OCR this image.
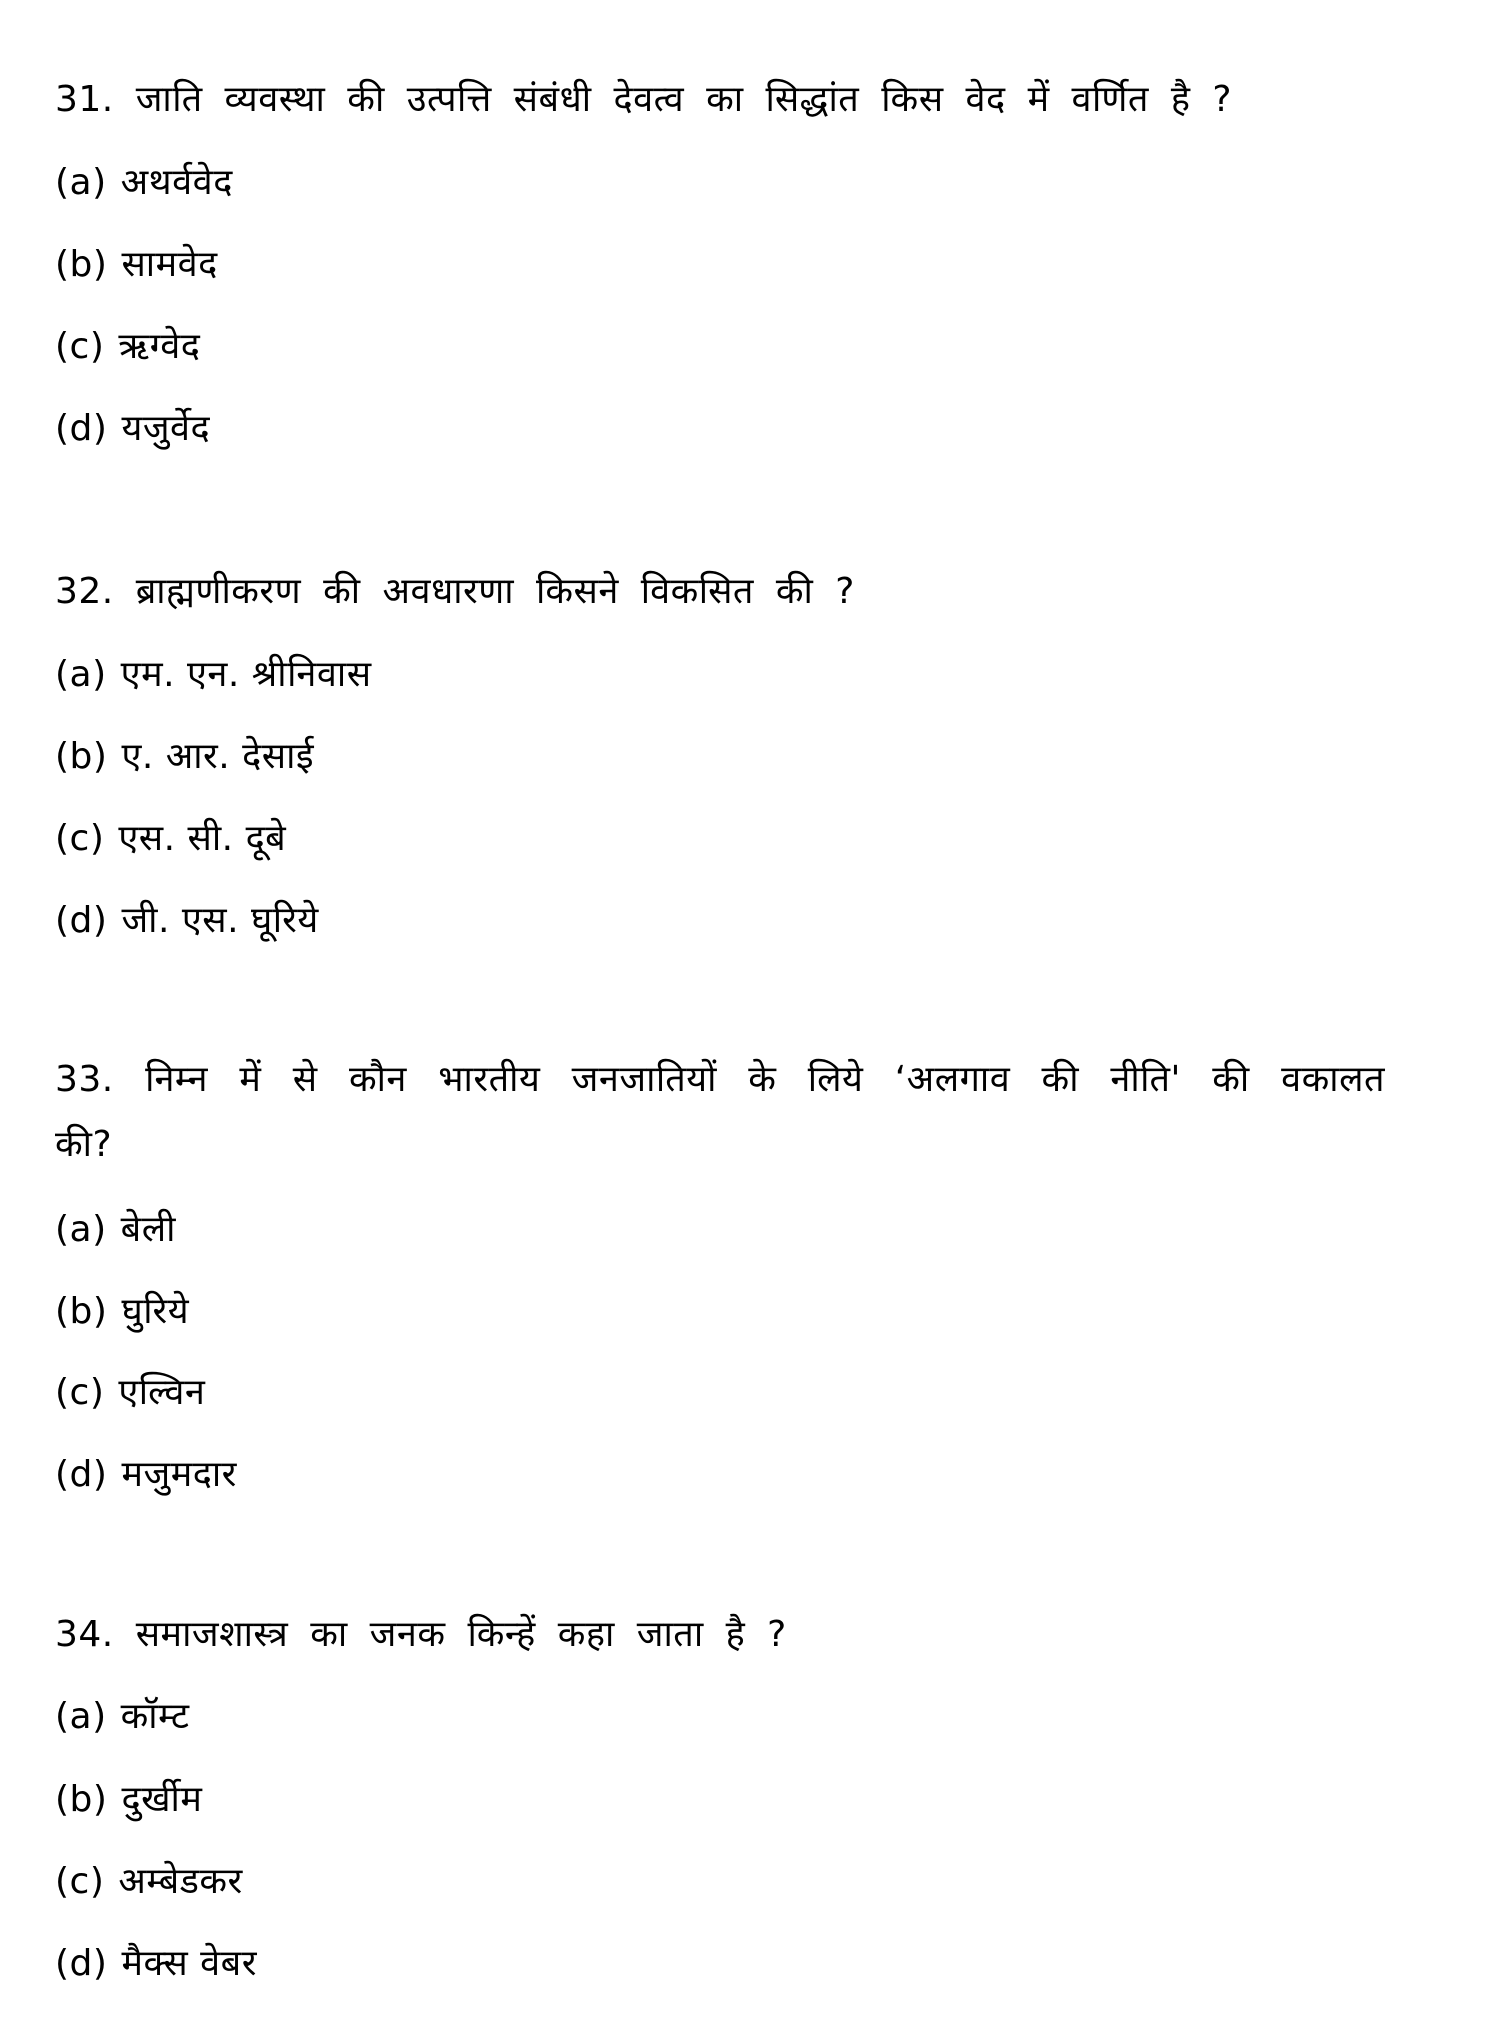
31. जाति व्यवस्था की उत्पत्ति संबंधी देवत्व का सिद्धांत किस वेद में वर्णित है ?
(a) अथर्ववेद
(b) सामवेद
(c) ऋग्वेद
(d) यजुर्वेद
32. ब्राह्मणीकरण की अवधारणा किसने विकसित की ?
(a) एम. एन. श्रीनिवास
(b) ए. आर. देसाई
(c) एस. सी. दूबे
(d) जी. एस. घूरिये
33. निम्न में से कौन भारतीय जनजातियों के लिये ‘अलगाव की नीति' की वकालत
की?
(a) बेली
(b) घुरिये
(c) एल्विन
(d) मजुमदार
34. समाजशास्त्र का जनक किन्हें कहा जाता है ?
(a) कॉम्ट
(b) दुर्खीम
(c) अम्बेडकर
(d) मैक्स वेबर
